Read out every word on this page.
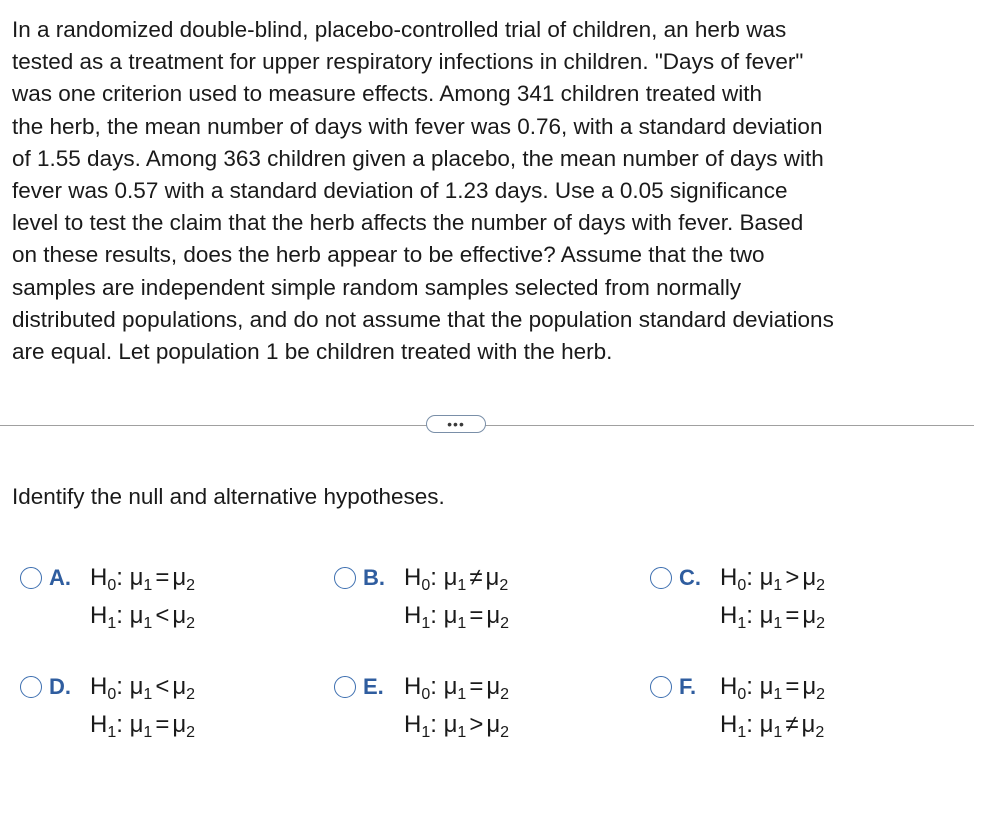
In a randomized double-blind, placebo-controlled trial of children, an herb was
tested as a treatment for upper respiratory infections in children. "Days of fever"
was one criterion used to measure effects. Among 341 children treated with
the herb, the mean number of days with fever was 0.76, with a standard deviation
of 1.55 days. Among 363 children given a placebo, the mean number of days with
fever was 0.57 with a standard deviation of 1.23 days. Use a 0.05 significance
level to test the claim that the herb affects the number of days with fever. Based
on these results, does the herb appear to be effective? Assume that the two
samples are independent simple random samples selected from normally
distributed populations, and do not assume that the population standard deviations
are equal. Let population 1 be children treated with the herb.

•••
Identify the null and alternative hypotheses.
A. $H_0$: $\mu_1 = \mu_2$
$H_1$: $\mu_1 < \mu_2$
B. $H_0$: $\mu_1 \ne \mu_2$
$H_1$: $\mu_1 = \mu_2$
C. $H_0$: $\mu_1 > \mu_2$
$H_1$: $\mu_1 = \mu_2$
D. $H_0$: $\mu_1 < \mu_2$
$H_1$: $\mu_1 = \mu_2$
E. $H_0$: $\mu_1 = \mu_2$
$H_1$: $\mu_1 > \mu_2$
F. $H_0$: $\mu_1 = \mu_2$
$H_1$: $\mu_1 \ne \mu_2$
